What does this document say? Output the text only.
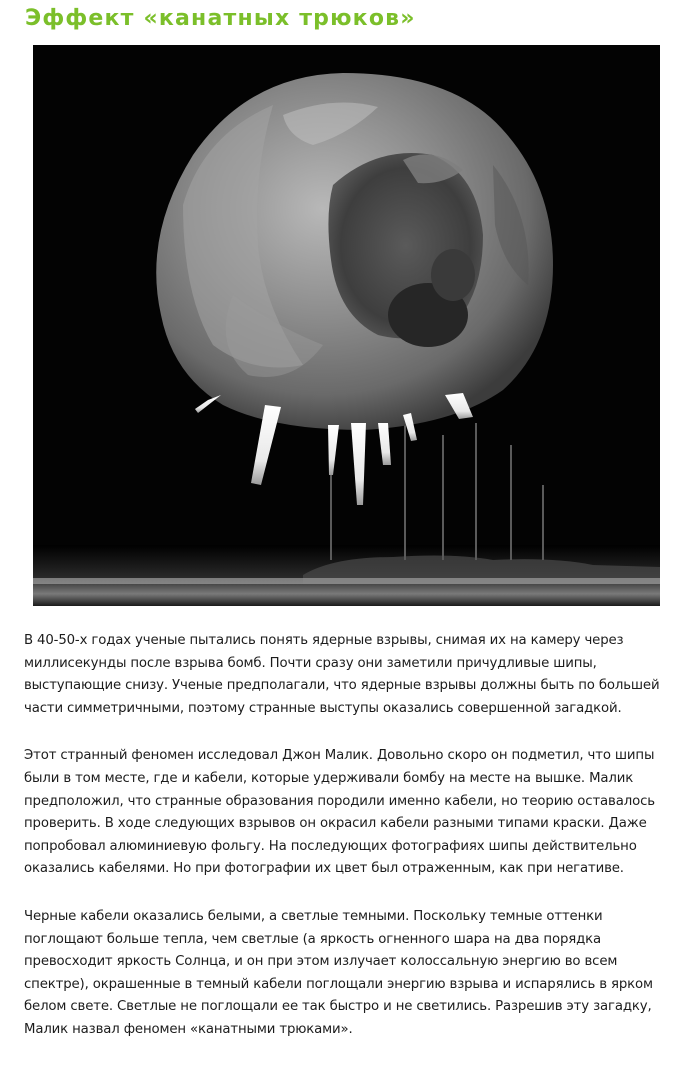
Эффект «канатных трюков»

В 40-50-х годах ученые пытались понять ядерные взрывы, снимая их на камеру через миллисекунды после взрыва бомб. Почти сразу они заметили причудливые шипы, выступающие снизу. Ученые предполагали, что ядерные взрывы должны быть по большей части симметричными, поэтому странные выступы оказались совершенной загадкой.

Этот странный феномен исследовал Джон Малик. Довольно скоро он подметил, что шипы были в том месте, где и кабели, которые удерживали бомбу на месте на вышке. Малик предположил, что странные образования породили именно кабели, но теорию оставалось проверить. В ходе следующих взрывов он окрасил кабели разными типами краски. Даже попробовал алюминиевую фольгу. На последующих фотографиях шипы действительно оказались кабелями. Но при фотографии их цвет был отраженным, как при негативе.

Черные кабели оказались белыми, а светлые темными. Поскольку темные оттенки поглощают больше тепла, чем светлые (а яркость огненного шара на два порядка превосходит яркость Солнца, и он при этом излучает колоссальную энергию во всем спектре), окрашенные в темный кабели поглощали энергию взрыва и испарялись в ярком белом свете. Светлые не поглощали ее так быстро и не светились. Разрешив эту загадку, Малик назвал феномен «канатными трюками».
